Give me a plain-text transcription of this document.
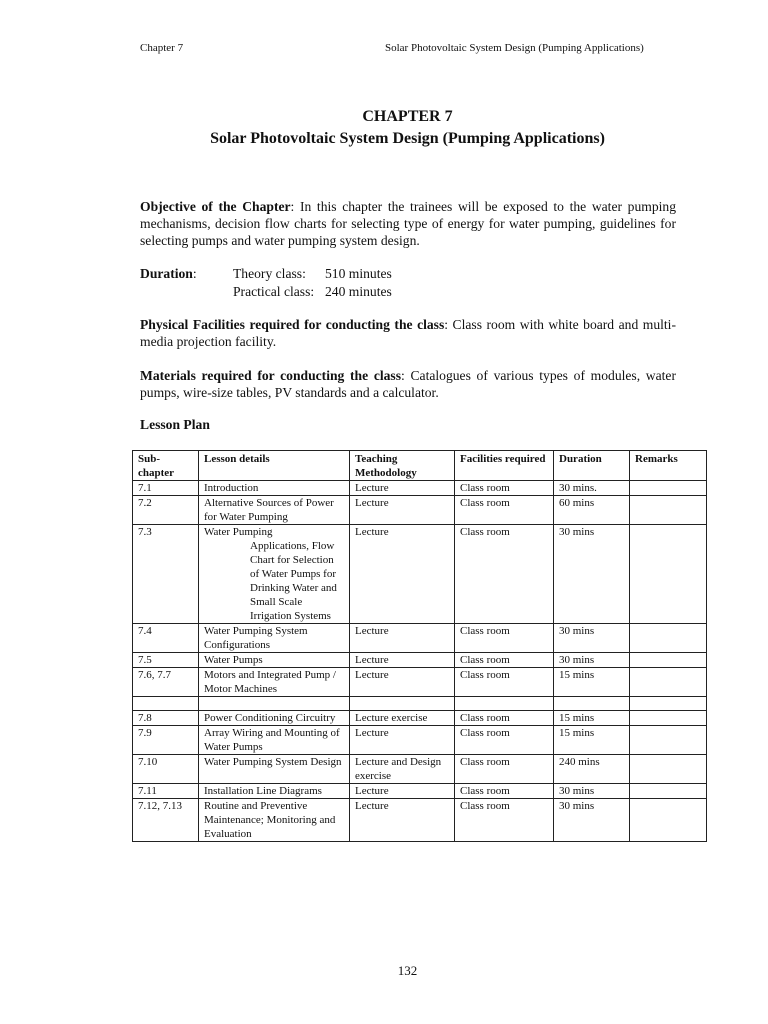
Chapter 7	Solar Photovoltaic System Design (Pumping Applications)
CHAPTER 7
Solar Photovoltaic System Design (Pumping Applications)
Objective of the Chapter: In this chapter the trainees will be exposed to the water pumping mechanisms, decision flow charts for selecting type of energy for water pumping, guidelines for selecting pumps and water pumping system design.
Duration:	Theory class: 510 minutes
Practical class: 240 minutes
Physical Facilities required for conducting the class: Class room with white board and multi-media projection facility.
Materials required for conducting the class: Catalogues of various types of modules, water pumps, wire-size tables, PV standards and a calculator.
Lesson Plan
Sub-chapter	Lesson details	Teaching Methodology	Facilities required	Duration	Remarks
7.1	Introduction	Lecture	Class room	30 mins.	
7.2	Alternative Sources of Power for Water Pumping	Lecture	Class room	60 mins	
7.3	Water Pumping
Applications, Flow Chart for Selection of Water Pumps for Drinking Water and Small Scale Irrigation Systems	Lecture	Class room	30 mins	
7.4	Water Pumping System Configurations	Lecture	Class room	30 mins	
7.5	Water Pumps	Lecture	Class room	30 mins	
7.6, 7.7	Motors and Integrated Pump / Motor Machines	Lecture	Class room	15 mins	

7.8	Power Conditioning Circuitry	Lecture exercise	Class room	15 mins	
7.9	Array Wiring and Mounting of Water Pumps	Lecture	Class room	15 mins	
7.10	Water Pumping System Design	Lecture and Design exercise	Class room	240 mins	
7.11	Installation Line Diagrams	Lecture	Class room	30 mins	
7.12, 7.13	Routine and Preventive Maintenance; Monitoring and Evaluation	Lecture	Class room	30 mins	
132
